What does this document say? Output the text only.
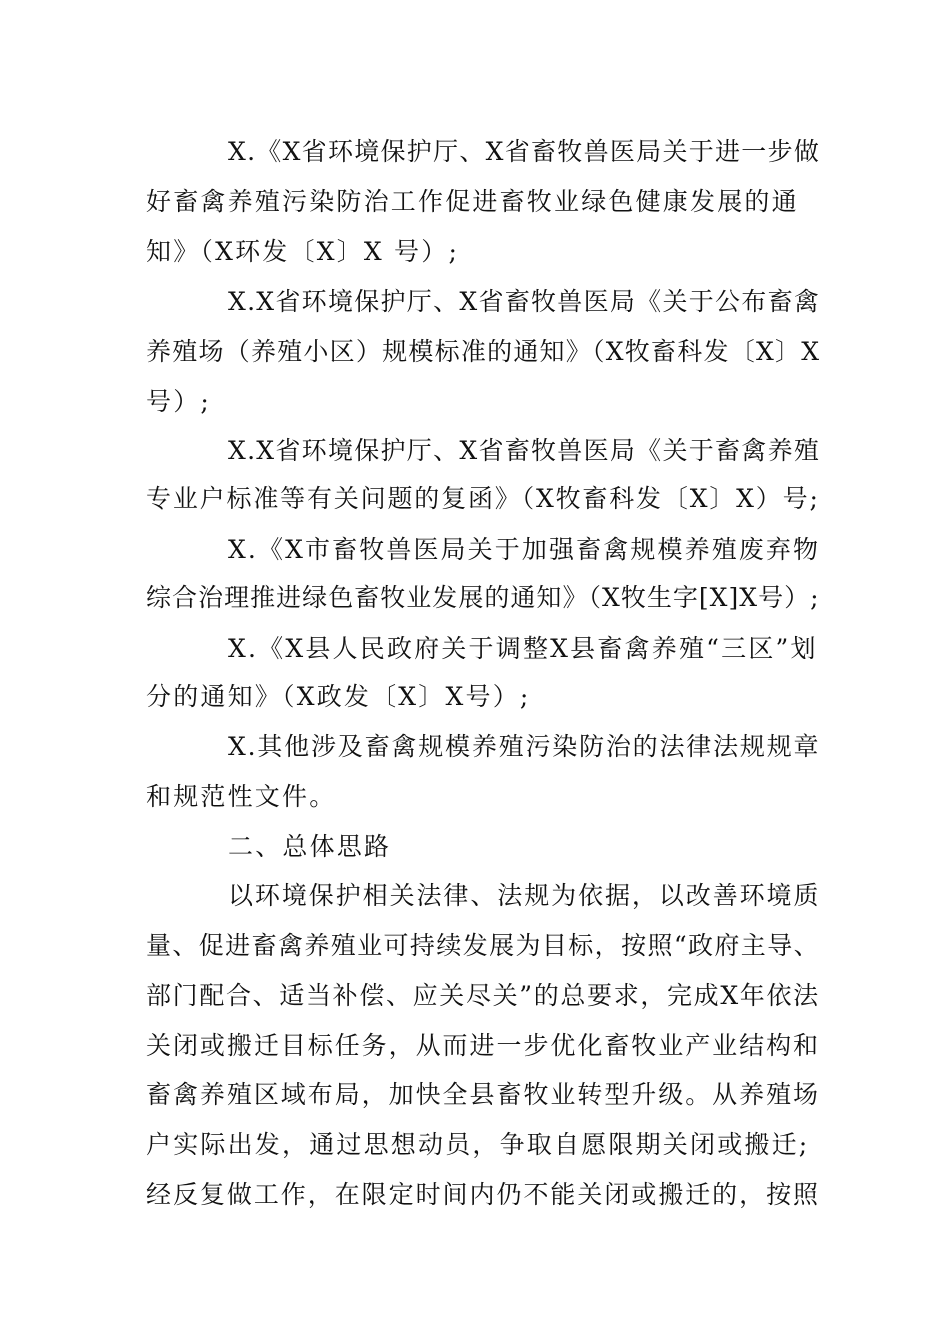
X.《X省环境保护厅、X省畜牧兽医局关于进一步做
好畜禽养殖污染防治工作促进畜牧业绿色健康发展的通
知》（X环发〔X〕X 号）;
X.X省环境保护厅、X省畜牧兽医局《关于公布畜禽
养殖场（养殖小区）规模标准的通知》（X牧畜科发〔X〕X
号）;
X.X省环境保护厅、X省畜牧兽医局《关于畜禽养殖
专业户标准等有关问题的复函》（X牧畜科发〔X〕X）号;
X.《X市畜牧兽医局关于加强畜禽规模养殖废弃物
综合治理推进绿色畜牧业发展的通知》（X牧生字[X]X号）;
X.《X县人民政府关于调整X县畜禽养殖“三区”划
分的通知》（X政发〔X〕X号）;
X.其他涉及畜禽规模养殖污染防治的法律法规规章
和规范性文件。
二、总体思路
以环境保护相关法律、法规为依据，以改善环境质
量、促进畜禽养殖业可持续发展为目标，按照“政府主导、
部门配合、适当补偿、应关尽关”的总要求，完成X年依法
关闭或搬迁目标任务，从而进一步优化畜牧业产业结构和
畜禽养殖区域布局，加快全县畜牧业转型升级。从养殖场
户实际出发，通过思想动员，争取自愿限期关闭或搬迁;
经反复做工作，在限定时间内仍不能关闭或搬迁的，按照
